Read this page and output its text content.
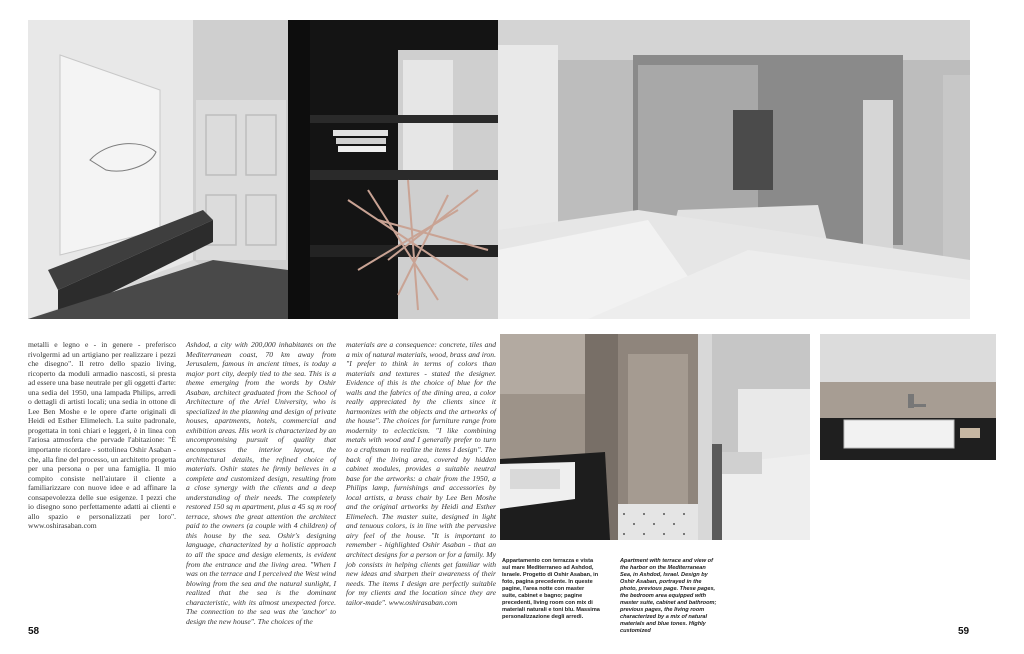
metalli e legno e - in genere - preferisco rivolgermi ad un artigiano per realizzare i pezzi che disegno". Il retro dello spazio living, ricoperto da moduli armadio nascosti, si presta ad essere una base neutrale per gli oggetti d'arte: una sedia del 1950, una lampada Philips, arredi o dettagli di artisti locali; una sedia in ottone di Lee Ben Moshe e le opere d'arte originali di Heidi ed Esther Elimelech. La suite padronale, progettata in toni chiari e leggeri, è in linea con l'ariosa atmosfera che pervade l'abitazione: "È importante ricordare - sottolinea Oshir Asaban - che, alla fine del processo, un architetto progetta per una persona o per una famiglia. Il mio compito consiste nell'aiutare il cliente a familiarizzare con nuove idee e ad affinare la consapevolezza delle sue esigenze. I pezzi che io disegno sono perfettamente adatti ai clienti e allo spazio e personalizzati per loro". www.oshirasaban.com

Ashdod, a city with 200,000 inhabitants on the Mediterranean coast, 70 km away from Jerusalem, famous in ancient times, is today a major port city, deeply tied to the sea. This is a theme emerging from the words by Oshir Asaban, architect graduated from the School of Architecture of the Ariel University, who is specialized in the planning and design of private houses, apartments, hotels, commercial and exhibition areas. His work is characterized by an uncompromising pursuit of quality that encompasses the interior layout, the architectural details, the refined choice of materials. Oshir states he firmly believes in a complete and customized design, resulting from a close synergy with the clients and a deep understanding of their needs. The completely restored 150 sq m apartment, plus a 45 sq m roof terrace, shows the great attention the architect paid to the owners (a couple with 4 children) of this house by the sea. Oshir's designing language, characterized by a holistic approach to all the space and design elements, is evident from the entrance and the living area. "When I was on the terrace and I perceived the West wind blowing from the sea and the natural sunlight, I realized that the sea is the dominant characteristic, with its almost unexpected force. The connection to the sea was the 'anchor' to design the new house". The choices of the

materials are a consequence: concrete, tiles and a mix of natural materials, wood, brass and iron. "I prefer to think in terms of colors than materials and textures - stated the designer. Evidence of this is the choice of blue for the walls and the fabrics of the dining area, a color really appreciated by the clients since it harmonizes with the objects and the artworks of the house". The choices for furniture range from modernity to eclecticism. "I like combining metals with wood and I generally prefer to turn to a craftsman to realize the items I design". The back of the living area, covered by hidden cabinet modules, provides a suitable neutral base for the artworks: a chair from the 1950, a Philips lamp, furnishings and accessories by local artists, a brass chair by Lee Ben Moshe and the original artworks by Heidi and Esther Elimelech. The master suite, designed in light and tenuous colors, is in line with the pervasive airy feel of the house. "It is important to remember - highlighted Oshir Asaban - that an architect designs for a person or for a family. My job consists in helping clients get familiar with new ideas and sharpen their awareness of their needs. The items I design are perfectly suitable for my clients and the location since they are tailor-made". www.oshirasaban.com

Appartamento con terrazza e vista sul mare Mediterraneo ad Ashdod, Israele. Progetto di Oshir Asaban, in foto, pagina precedente. In queste pagine, l'area notte con master suite, cabinet e bagno; pagine precedenti, living room con mix di materiali naturali e toni blu. Massima personalizzazione degli arredi.
Apartment with terrace and view of the harbor on the Mediterranean Sea, in Ashdod, Israel. Design by Oshir Asaban, portrayed in the photo, previous page. These pages, the bedroom area equipped with master suite, cabinet and bathroom; previous pages, the living room characterized by a mix of natural materials and blue tones. Highly customized
58	59
